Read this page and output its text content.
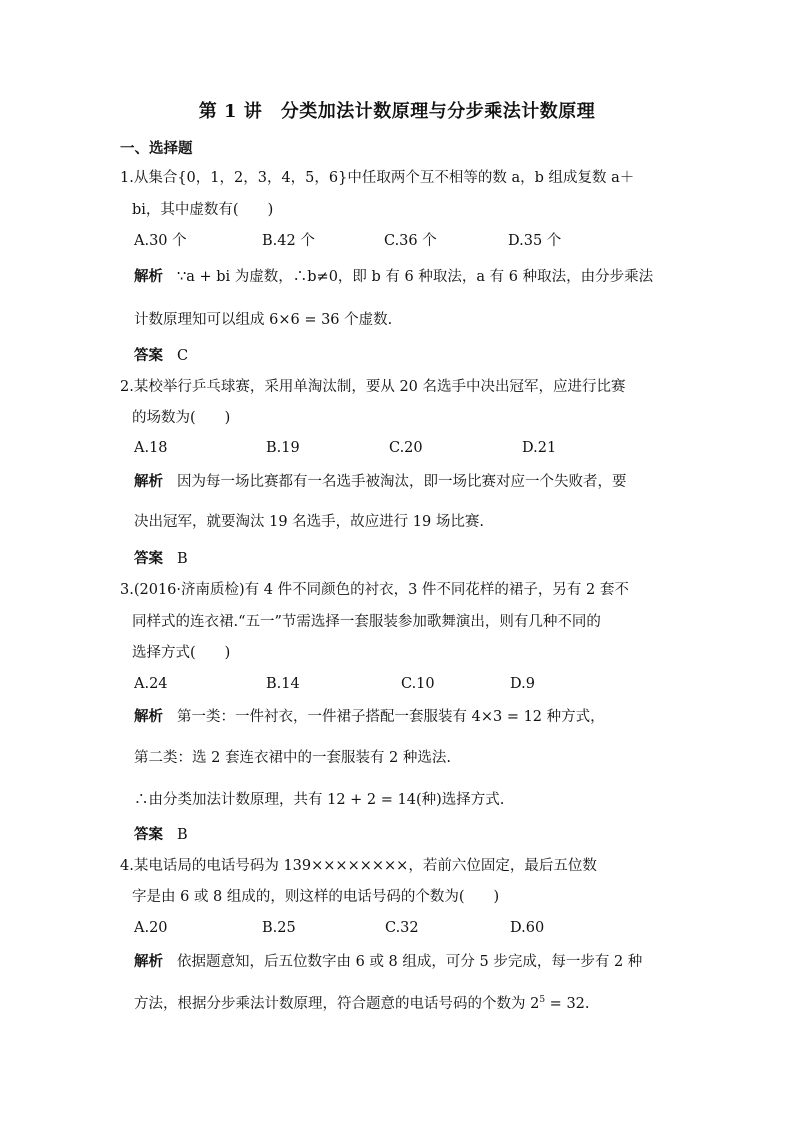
第 1 讲　分类加法计数原理与分步乘法计数原理
一、选择题
1.从集合{0，1，2，3，4，5，6}中任取两个互不相等的数 a，b 组成复数 a＋
bi，其中虚数有(　　)
A.30 个	B.42 个	C.36 个	D.35 个
解析 ∵a + bi 为虚数，∴b≠0，即 b 有 6 种取法，a 有 6 种取法，由分步乘法
计数原理知可以组成 6×6 = 36 个虚数.
答案 C
2.某校举行乒乓球赛，采用单淘汰制，要从 20 名选手中决出冠军，应进行比赛
的场数为(　　)
A.18	B.19	C.20	D.21
解析 因为每一场比赛都有一名选手被淘汰，即一场比赛对应一个失败者，要
决出冠军，就要淘汰 19 名选手，故应进行 19 场比赛.
答案 B
3.(2016·济南质检)有 4 件不同颜色的衬衣，3 件不同花样的裙子，另有 2 套不
同样式的连衣裙.“五一”节需选择一套服装参加歌舞演出，则有几种不同的
选择方式(　　)
A.24	B.14	C.10	D.9
解析 第一类：一件衬衣，一件裙子搭配一套服装有 4×3 = 12 种方式，
第二类：选 2 套连衣裙中的一套服装有 2 种选法.
∴由分类加法计数原理，共有 12 + 2 = 14(种)选择方式.
答案 B
4.某电话局的电话号码为 139××××××××，若前六位固定，最后五位数
字是由 6 或 8 组成的，则这样的电话号码的个数为(　　)
A.20	B.25	C.32	D.60
解析 依据题意知，后五位数字由 6 或 8 组成，可分 5 步完成，每一步有 2 种
方法，根据分步乘法计数原理，符合题意的电话号码的个数为 $2^5 = 32$.
